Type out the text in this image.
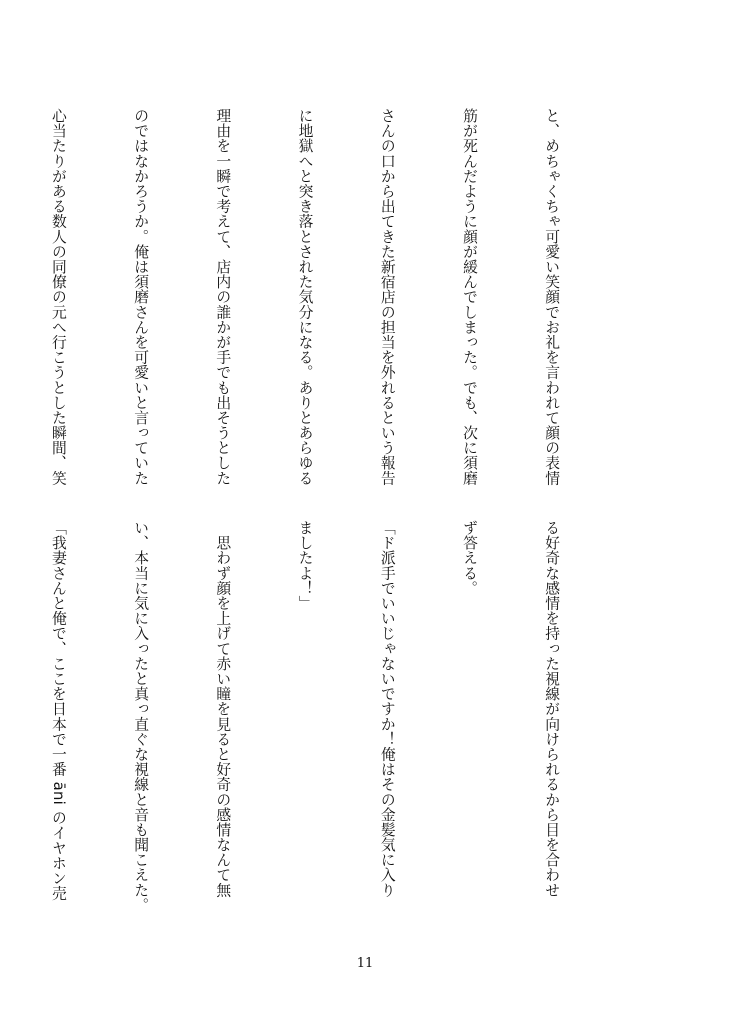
と、めちゃくちゃ可愛い笑顔でお礼を言われて顔の表情

筋が死んだように顔が緩んでしまった。でも、次に須磨

さんの口から出てきた新宿店の担当を外れるという報告

に地獄へと突き落とされた気分になる。ありとあらゆる

理由を一瞬で考えて、店内の誰かが手でも出そうとした

のではなかろうか。俺は須磨さんを可愛いと言っていた

心当たりがある数人の同僚の元へ行こうとした瞬間、笑

る好奇な感情を持った視線が向けられるから目を合わせ

ず答える。

「ド派手でいいじゃないですか！俺はその金髪気に入り

ましたよ！」

　思わず顔を上げて赤い瞳を見ると好奇の感情なんて無

い、本当に気に入ったと真っ直ぐな視線と音も聞こえた。

「我妻さんと俺で、ここを日本で一番 āni のイヤホン売

11
